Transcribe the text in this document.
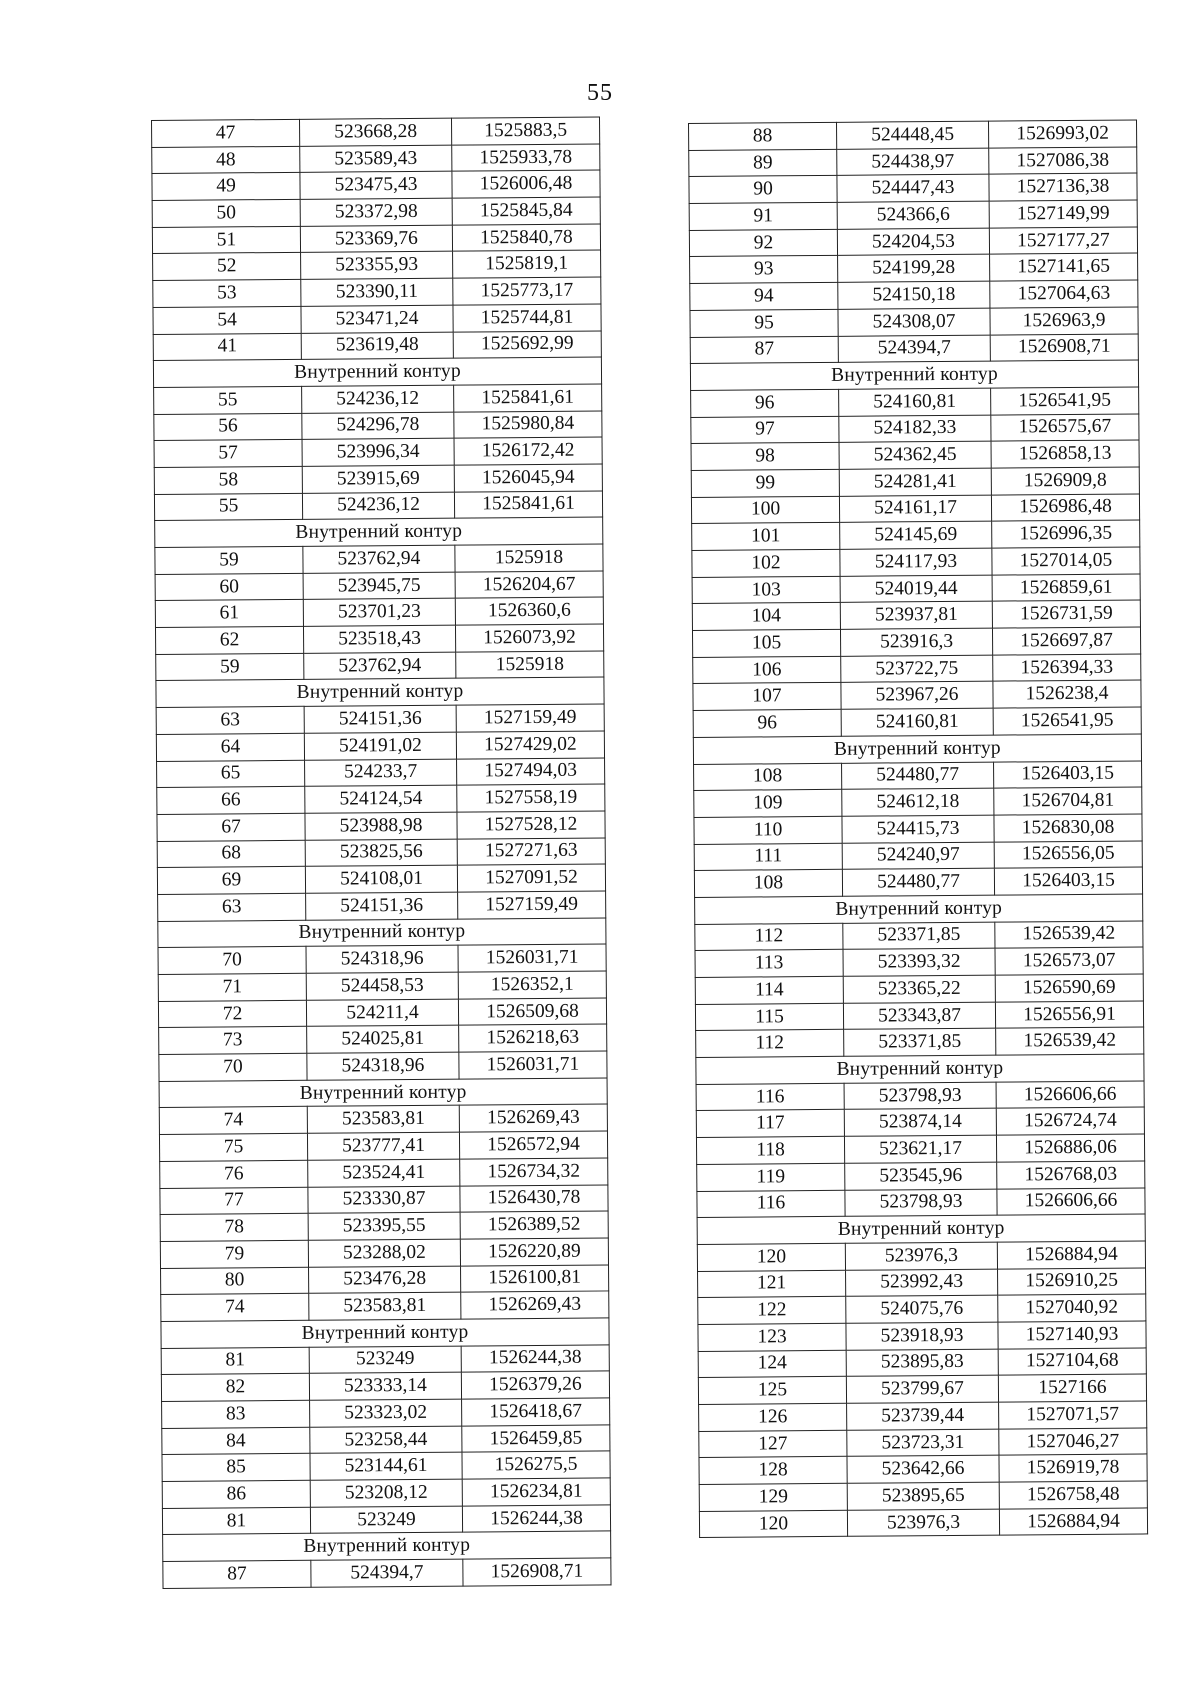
55
47	523668,28	1525883,5
48	523589,43	1525933,78
49	523475,43	1526006,48
50	523372,98	1525845,84
51	523369,76	1525840,78
52	523355,93	1525819,1
53	523390,11	1525773,17
54	523471,24	1525744,81
41	523619,48	1525692,99
Внутренний контур		
55	524236,12	1525841,61
56	524296,78	1525980,84
57	523996,34	1526172,42
58	523915,69	1526045,94
55	524236,12	1525841,61
Внутренний контур		
59	523762,94	1525918
60	523945,75	1526204,67
61	523701,23	1526360,6
62	523518,43	1526073,92
59	523762,94	1525918
Внутренний контур		
63	524151,36	1527159,49
64	524191,02	1527429,02
65	524233,7	1527494,03
66	524124,54	1527558,19
67	523988,98	1527528,12
68	523825,56	1527271,63
69	524108,01	1527091,52
63	524151,36	1527159,49
Внутренний контур		
70	524318,96	1526031,71
71	524458,53	1526352,1
72	524211,4	1526509,68
73	524025,81	1526218,63
70	524318,96	1526031,71
Внутренний контур		
74	523583,81	1526269,43
75	523777,41	1526572,94
76	523524,41	1526734,32
77	523330,87	1526430,78
78	523395,55	1526389,52
79	523288,02	1526220,89
80	523476,28	1526100,81
74	523583,81	1526269,43
Внутренний контур		
81	523249	1526244,38
82	523333,14	1526379,26
83	523323,02	1526418,67
84	523258,44	1526459,85
85	523144,61	1526275,5
86	523208,12	1526234,81
81	523249	1526244,38
Внутренний контур		
87	524394,7	1526908,71
88	524448,45	1526993,02
89	524438,97	1527086,38
90	524447,43	1527136,38
91	524366,6	1527149,99
92	524204,53	1527177,27
93	524199,28	1527141,65
94	524150,18	1527064,63
95	524308,07	1526963,9
87	524394,7	1526908,71
Внутренний контур		
96	524160,81	1526541,95
97	524182,33	1526575,67
98	524362,45	1526858,13
99	524281,41	1526909,8
100	524161,17	1526986,48
101	524145,69	1526996,35
102	524117,93	1527014,05
103	524019,44	1526859,61
104	523937,81	1526731,59
105	523916,3	1526697,87
106	523722,75	1526394,33
107	523967,26	1526238,4
96	524160,81	1526541,95
Внутренний контур		
108	524480,77	1526403,15
109	524612,18	1526704,81
110	524415,73	1526830,08
111	524240,97	1526556,05
108	524480,77	1526403,15
Внутренний контур		
112	523371,85	1526539,42
113	523393,32	1526573,07
114	523365,22	1526590,69
115	523343,87	1526556,91
112	523371,85	1526539,42
Внутренний контур		
116	523798,93	1526606,66
117	523874,14	1526724,74
118	523621,17	1526886,06
119	523545,96	1526768,03
116	523798,93	1526606,66
Внутренний контур		
120	523976,3	1526884,94
121	523992,43	1526910,25
122	524075,76	1527040,92
123	523918,93	1527140,93
124	523895,83	1527104,68
125	523799,67	1527166
126	523739,44	1527071,57
127	523723,31	1527046,27
128	523642,66	1526919,78
129	523895,65	1526758,48
120	523976,3	1526884,94
